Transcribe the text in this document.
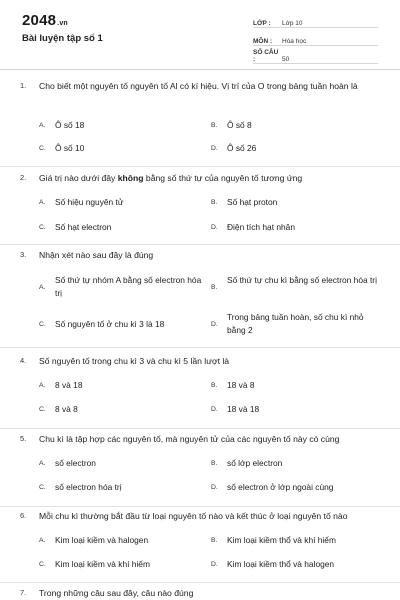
2048.vn
Bài luyện tập số 1
LỚP :	Lớp 10
MÔN :	Hóa học
SỐ CÂU :	50
1. Cho biết một nguyên tố nguyên tố Al có kí hiệu. Vị trí của O trong bảng tuần hoàn là
A. Ô số 18	B. Ô số 8
C. Ô số 10	D. Ô số 26
2. Giá trị nào dưới đây không bằng số thứ tự của nguyên tố tương ứng
A. Số hiệu nguyên tử	B. Số hạt proton
C. Số hạt electron	D. Điện tích hạt nhân
3. Nhận xét nào sau đây là đúng
A.
Số thứ tự nhóm A bằng số electron hóa trị
B.
Số thứ tự chu kì bằng số electron hóa trị
C. Số nguyên tố ở chu kì 3 là 18	D.
Trong bảng tuần hoàn, số chu kì nhỏ bằng 2
4. Số nguyên tố trong chu kì 3 và chu kì 5 lần lượt là
A. 8 và 18	B. 18 và 8
C. 8 và 8	D. 18 và 18
5. Chu kì là tập hợp các nguyên tố, mà nguyên tử của các nguyên tố này có cùng
A. số electron	B. số lớp electron
C. số electron hóa trị	D. số electron ở lớp ngoài cùng
6. Mỗi chu kì thường bắt đầu từ loại nguyên tố nào và kết thúc ở loại nguyên tố nào
A. Kim loại kiềm và halogen	B. Kim loại kiềm thổ và khí hiếm
C. Kim loại kiềm và khí hiếm	D. Kim loại kiềm thổ và halogen
7. Trong những câu sau đây, câu nào đúng
